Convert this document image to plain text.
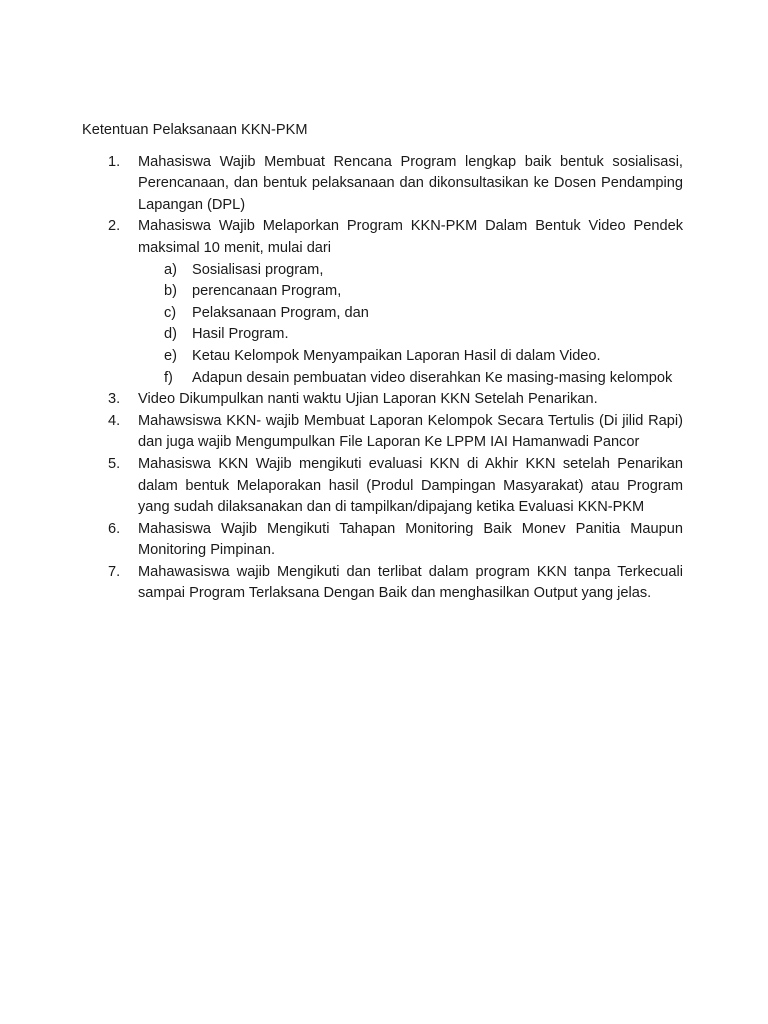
Ketentuan Pelaksanaan KKN-PKM
1.	Mahasiswa Wajib Membuat Rencana Program lengkap baik bentuk sosialisasi, Perencanaan, dan bentuk pelaksanaan dan dikonsultasikan ke Dosen Pendamping Lapangan (DPL)
2.	Mahasiswa Wajib Melaporkan Program KKN-PKM Dalam Bentuk Video Pendek maksimal 10 menit, mulai dari
a)	Sosialisasi program,
b)	perencanaan Program,
c)	Pelaksanaan Program, dan
d)	Hasil Program.
e)	Ketau Kelompok Menyampaikan Laporan Hasil di dalam Video.
f)	Adapun desain pembuatan video diserahkan Ke masing-masing kelompok
3.	Video Dikumpulkan nanti waktu Ujian Laporan KKN Setelah Penarikan.
4.	Mahawsiswa KKN- wajib Membuat Laporan Kelompok Secara Tertulis (Di jilid Rapi) dan juga wajib Mengumpulkan File Laporan Ke LPPM IAI Hamanwadi Pancor
5.	Mahasiswa KKN Wajib mengikuti evaluasi KKN di Akhir KKN setelah Penarikan dalam bentuk Melaporakan hasil (Produl Dampingan Masyarakat) atau Program yang sudah dilaksanakan dan di tampilkan/dipajang ketika Evaluasi KKN-PKM
6.	Mahasiswa Wajib Mengikuti Tahapan Monitoring Baik Monev Panitia Maupun Monitoring Pimpinan.
7.	Mahawasiswa wajib Mengikuti dan terlibat dalam program KKN tanpa Terkecuali sampai Program Terlaksana Dengan Baik dan menghasilkan Output yang jelas.
